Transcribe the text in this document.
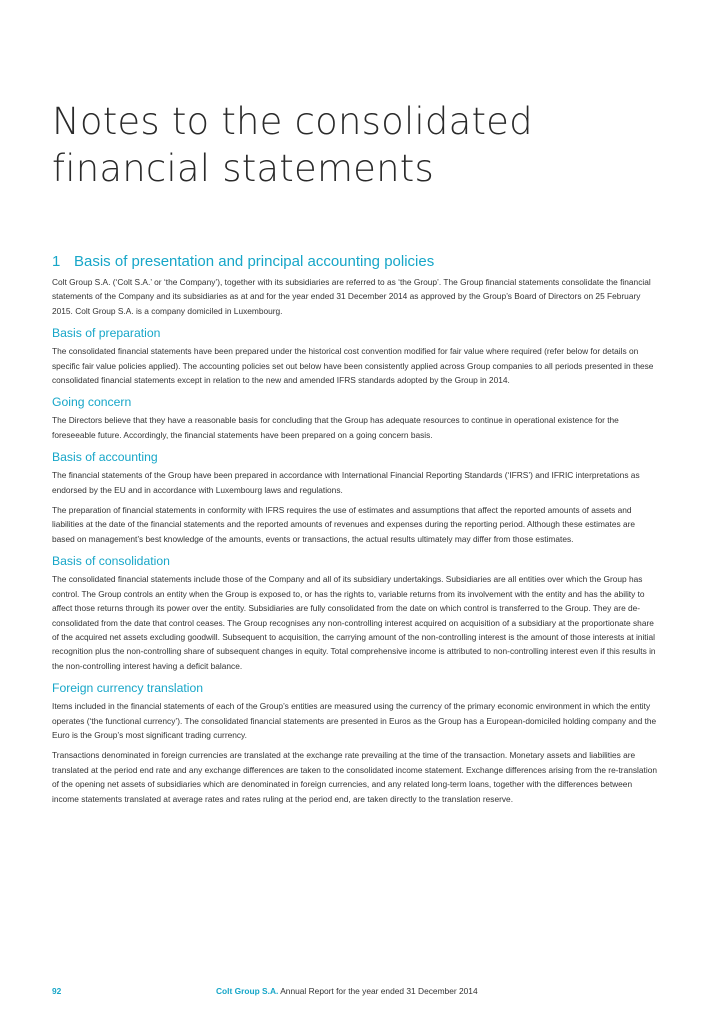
Notes to the consolidated
financial statements
1 Basis of presentation and principal accounting policies

Colt Group S.A. (‘Colt S.A.’ or ‘the Company’), together with its subsidiaries are referred to as ‘the Group’. The Group financial statements consolidate the financial statements of the Company and its subsidiaries as at and for the year ended 31 December 2014 as approved by the Group’s Board of Directors on 25 February 2015. Colt Group S.A. is a company domiciled in Luxembourg.

Basis of preparation

The consolidated financial statements have been prepared under the historical cost convention modified for fair value where required (refer below for details on specific fair value policies applied). The accounting policies set out below have been consistently applied across Group companies to all periods presented in these consolidated financial statements except in relation to the new and amended IFRS standards adopted by the Group in 2014.

Going concern

The Directors believe that they have a reasonable basis for concluding that the Group has adequate resources to continue in operational existence for the foreseeable future. Accordingly, the financial statements have been prepared on a going concern basis.

Basis of accounting

The financial statements of the Group have been prepared in accordance with International Financial Reporting Standards (‘IFRS’) and IFRIC interpretations as endorsed by the EU and in accordance with Luxembourg laws and regulations.

The preparation of financial statements in conformity with IFRS requires the use of estimates and assumptions that affect the reported amounts of assets and liabilities at the date of the financial statements and the reported amounts of revenues and expenses during the reporting period. Although these estimates are based on management’s best knowledge of the amounts, events or transactions, the actual results ultimately may differ from those estimates.

Basis of consolidation

The consolidated financial statements include those of the Company and all of its subsidiary undertakings. Subsidiaries are all entities over which the Group has control. The Group controls an entity when the Group is exposed to, or has the rights to, variable returns from its involvement with the entity and has the ability to affect those returns through its power over the entity. Subsidiaries are fully consolidated from the date on which control is transferred to the Group. They are de-consolidated from the date that control ceases. The Group recognises any non-controlling interest acquired on acquisition of a subsidiary at the proportionate share of the acquired net assets excluding goodwill. Subsequent to acquisition, the carrying amount of the non-controlling interest is the amount of those interests at initial recognition plus the non-controlling share of subsequent changes in equity. Total comprehensive income is attributed to non-controlling interest even if this results in the non-controlling interest having a deficit balance.

Foreign currency translation

Items included in the financial statements of each of the Group’s entities are measured using the currency of the primary economic environment in which the entity operates (‘the functional currency’). The consolidated financial statements are presented in Euros as the Group has a European-domiciled holding company and the Euro is the Group’s most significant trading currency.

Transactions denominated in foreign currencies are translated at the exchange rate prevailing at the time of the transaction. Monetary assets and liabilities are translated at the period end rate and any exchange differences are taken to the consolidated income statement. Exchange differences arising from the re-translation of the opening net assets of subsidiaries which are denominated in foreign currencies, and any related long-term loans, together with the differences between income statements translated at average rates and rates ruling at the period end, are taken directly to the translation reserve.

92	Colt Group S.A. Annual Report for the year ended 31 December 2014
